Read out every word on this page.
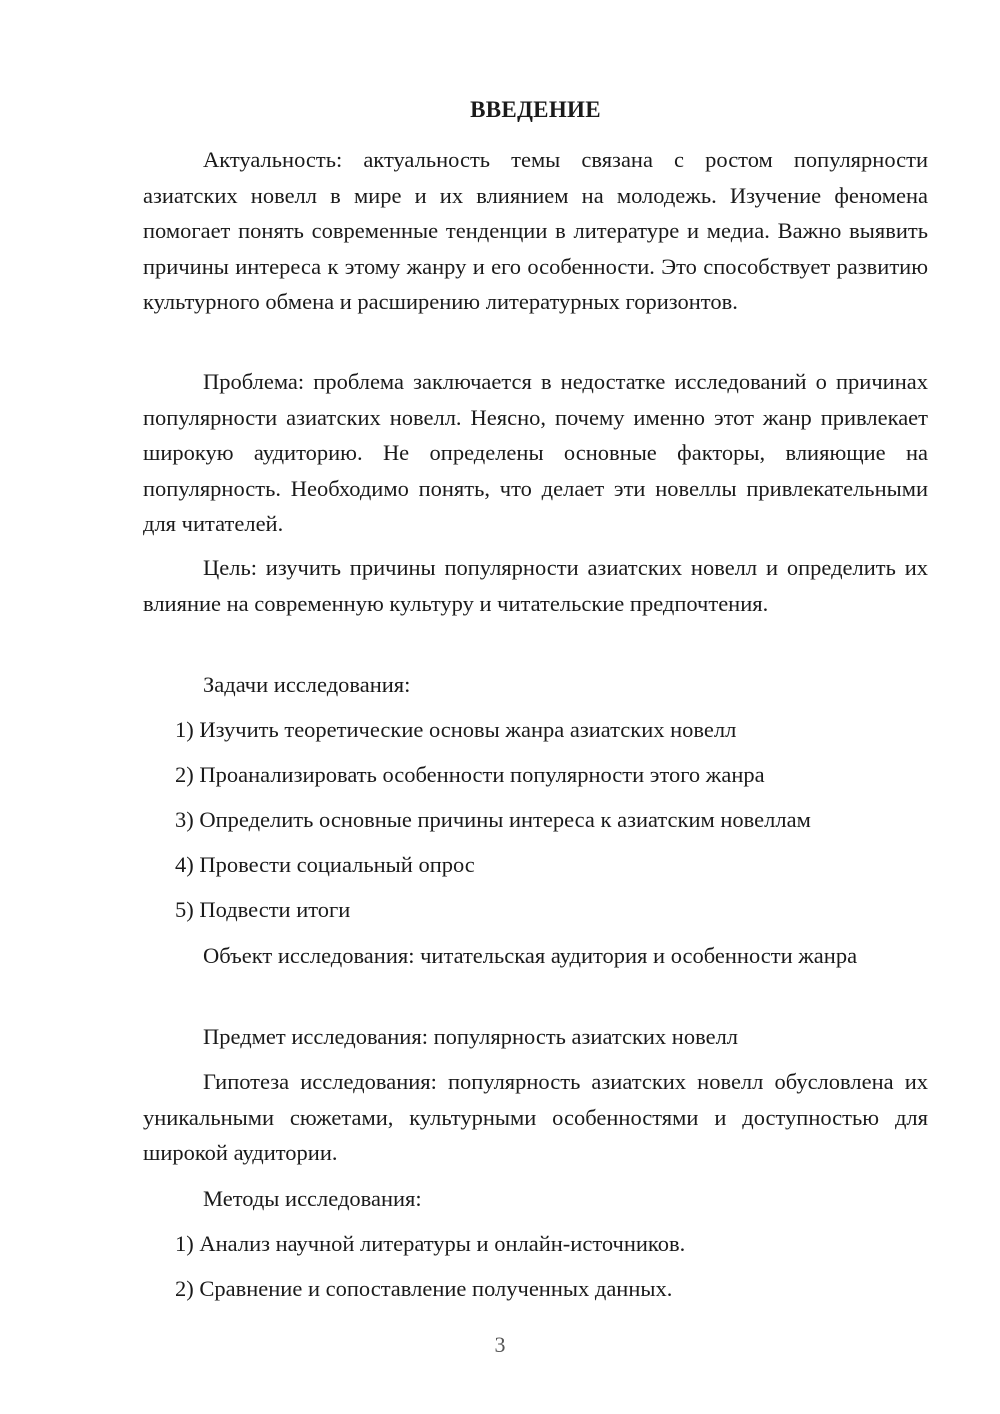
ВВЕДЕНИЕ

Актуальность: актуальность темы связана с ростом популярности азиатских новелл в мире и их влиянием на молодежь. Изучение феномена помогает понять современные тенденции в литературе и медиа. Важно выявить причины интереса к этому жанру и его особенности. Это способствует развитию культурного обмена и расширению литературных горизонтов.

Проблема: проблема заключается в недостатке исследований о причинах популярности азиатских новелл. Неясно, почему именно этот жанр привлекает широкую аудиторию. Не определены основные факторы, влияющие на популярность. Необходимо понять, что делает эти новеллы привлекательными для читателей.

Цель: изучить причины популярности азиатских новелл и определить их влияние на современную культуру и читательские предпочтения.

Задачи исследования:
1) Изучить теоретические основы жанра азиатских новелл
2) Проанализировать особенности популярности этого жанра
3) Определить основные причины интереса к азиатским новеллам
4) Провести социальный опрос
5) Подвести итоги

Объект исследования: читательская аудитория и особенности жанра

Предмет исследования: популярность азиатских новелл

Гипотеза исследования: популярность азиатских новелл обусловлена их уникальными сюжетами, культурными особенностями и доступностью для широкой аудитории.

Методы исследования:
1) Анализ научной литературы и онлайн-источников.
2) Сравнение и сопоставление полученных данных.
3
